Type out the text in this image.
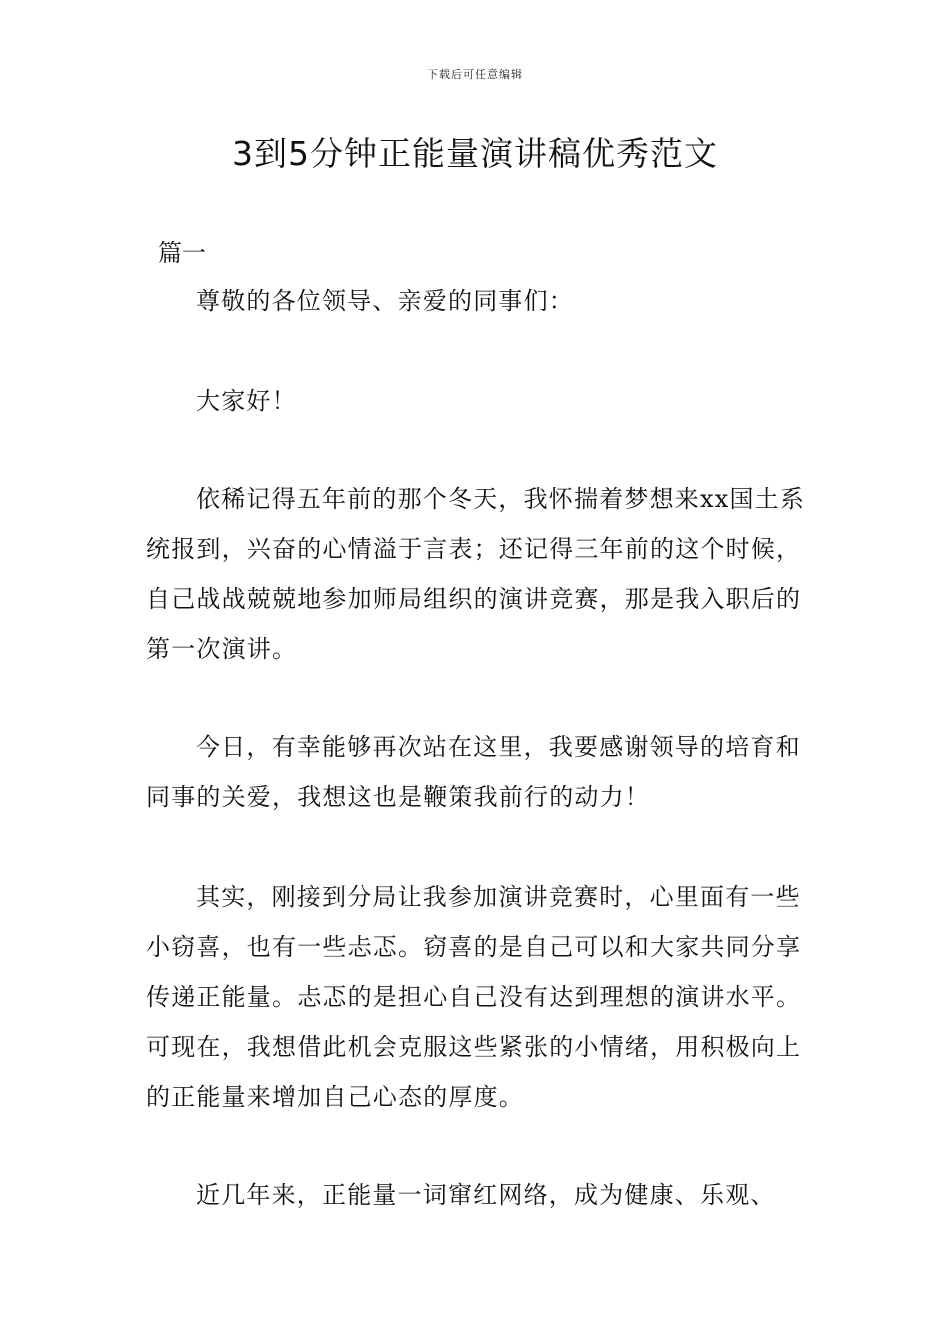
下载后可任意编辑
3到5分钟正能量演讲稿优秀范文
篇一

尊敬的各位领导、亲爱的同事们：

大家好！

依稀记得五年前的那个冬天，我怀揣着梦想来xx国土系统报到，兴奋的心情溢于言表；还记得三年前的这个时候，自己战战兢兢地参加师局组织的演讲竞赛，那是我入职后的第一次演讲。

今日，有幸能够再次站在这里，我要感谢领导的培育和同事的关爱，我想这也是鞭策我前行的动力！

其实，刚接到分局让我参加演讲竞赛时，心里面有一些小窃喜，也有一些忐忑。窃喜的是自己可以和大家共同分享传递正能量。忐忑的是担心自己没有达到理想的演讲水平。可现在，我想借此机会克服这些紧张的小情绪，用积极向上的正能量来增加自己心态的厚度。

近几年来，正能量一词窜红网络，成为健康、乐观、
